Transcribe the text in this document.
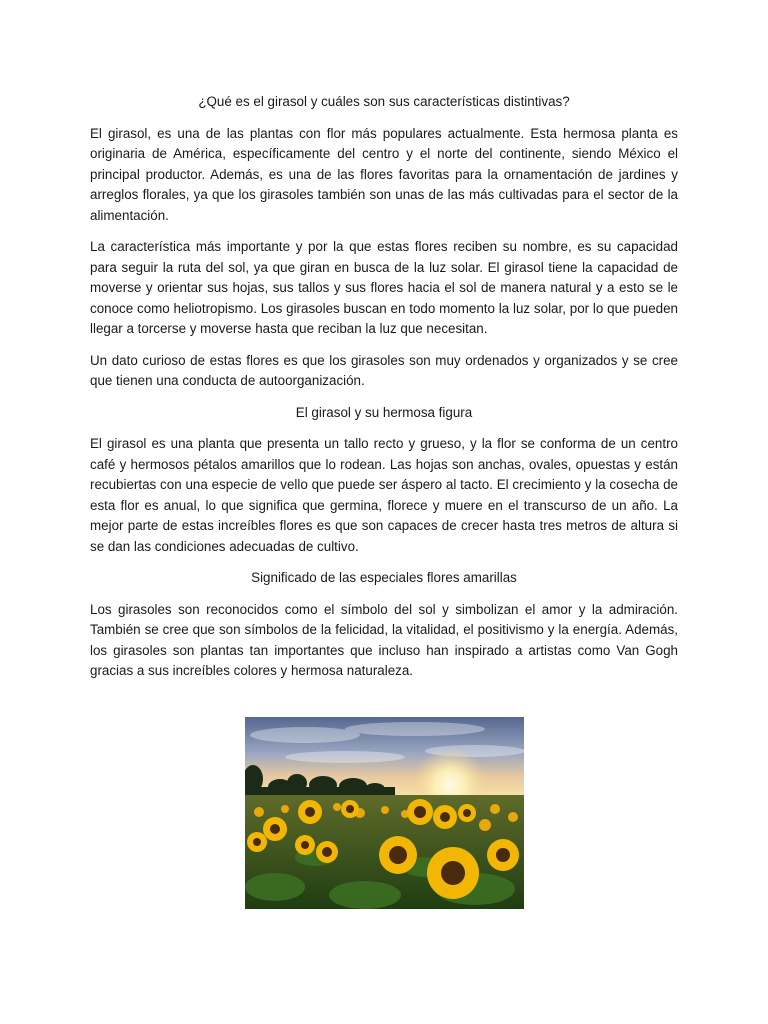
¿Qué es el girasol y cuáles son sus características distintivas?

El girasol, es una de las plantas con flor más populares actualmente. Esta hermosa planta es originaria de América, específicamente del centro y el norte del continente, siendo México el principal productor. Además, es una de las flores favoritas para la ornamentación de jardines y arreglos florales, ya que los girasoles también son unas de las más cultivadas para el sector de la alimentación.

La característica más importante y por la que estas flores reciben su nombre, es su capacidad para seguir la ruta del sol, ya que giran en busca de la luz solar. El girasol tiene la capacidad de moverse y orientar sus hojas, sus tallos y sus flores hacia el sol de manera natural y a esto se le conoce como heliotropismo. Los girasoles buscan en todo momento la luz solar, por lo que pueden llegar a torcerse y moverse hasta que reciban la luz que necesitan.

Un dato curioso de estas flores es que los girasoles son muy ordenados y organizados y se cree que tienen una conducta de autoorganización.

El girasol y su hermosa figura

El girasol es una planta que presenta un tallo recto y grueso, y la flor se conforma de un centro café y hermosos pétalos amarillos que lo rodean. Las hojas son anchas, ovales, opuestas y están recubiertas con una especie de vello que puede ser áspero al tacto. El crecimiento y la cosecha de esta flor es anual, lo que significa que germina, florece y muere en el transcurso de un año. La mejor parte de estas increíbles flores es que son capaces de crecer hasta tres metros de altura si se dan las condiciones adecuadas de cultivo.

Significado de las especiales flores amarillas

Los girasoles son reconocidos como el símbolo del sol y simbolizan el amor y la admiración. También se cree que son símbolos de la felicidad, la vitalidad, el positivismo y la energía. Además, los girasoles son plantas tan importantes que incluso han inspirado a artistas como Van Gogh gracias a sus increíbles colores y hermosa naturaleza.
